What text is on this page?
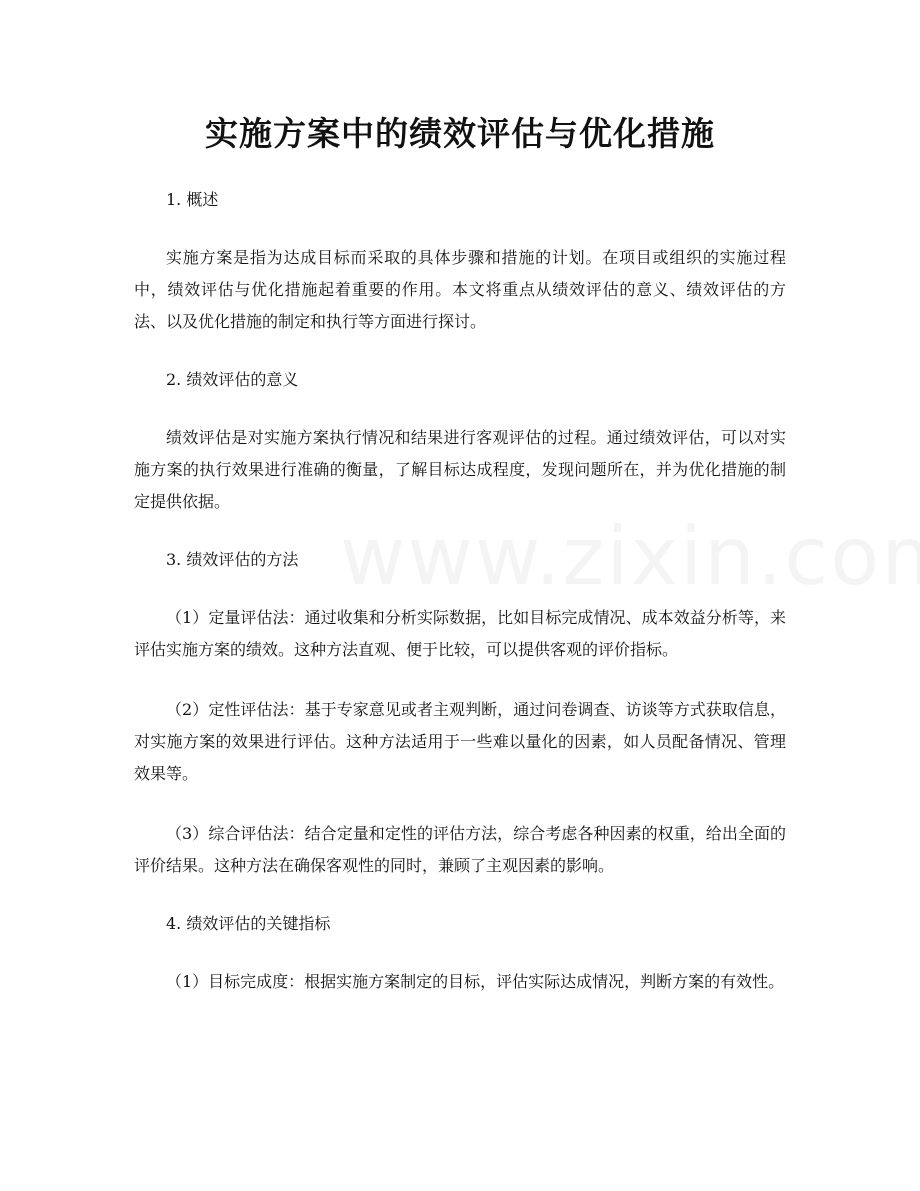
实施方案中的绩效评估与优化措施

1. 概述

实施方案是指为达成目标而采取的具体步骤和措施的计划。在项目或组织的实施过程中，绩效评估与优化措施起着重要的作用。本文将重点从绩效评估的意义、绩效评估的方法、以及优化措施的制定和执行等方面进行探讨。

2. 绩效评估的意义

绩效评估是对实施方案执行情况和结果进行客观评估的过程。通过绩效评估，可以对实施方案的执行效果进行准确的衡量，了解目标达成程度，发现问题所在，并为优化措施的制定提供依据。

3. 绩效评估的方法

（1）定量评估法：通过收集和分析实际数据，比如目标完成情况、成本效益分析等，来评估实施方案的绩效。这种方法直观、便于比较，可以提供客观的评价指标。

（2）定性评估法：基于专家意见或者主观判断，通过问卷调查、访谈等方式获取信息，对实施方案的效果进行评估。这种方法适用于一些难以量化的因素，如人员配备情况、管理效果等。

（3）综合评估法：结合定量和定性的评估方法，综合考虑各种因素的权重，给出全面的评价结果。这种方法在确保客观性的同时，兼顾了主观因素的影响。

4. 绩效评估的关键指标

（1）目标完成度：根据实施方案制定的目标，评估实际达成情况，判断方案的有效性。
